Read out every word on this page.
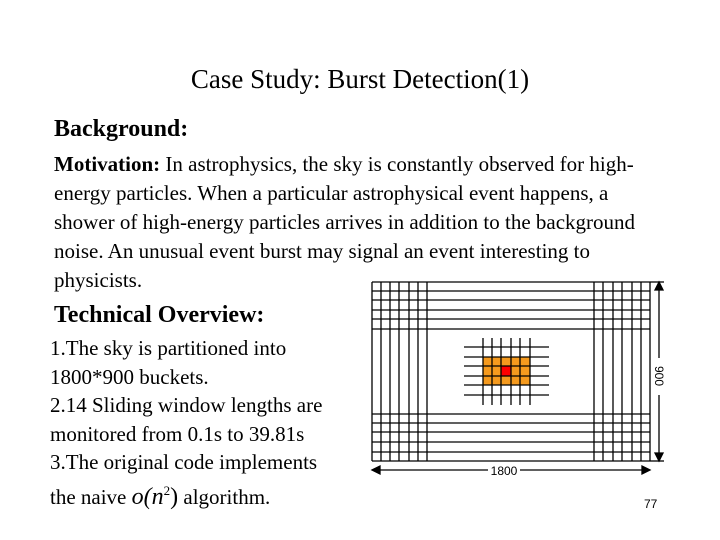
Case Study: Burst Detection(1)
Background:
Motivation: In astrophysics, the sky is constantly observed for high-energy particles. When a particular astrophysical event happens, a shower of high-energy particles arrives in addition to the background noise. An unusual event burst may signal an event interesting to physicists.
Technical Overview:
1.The sky is partitioned into
1800*900 buckets.
2.14 Sliding window lengths are
monitored from 0.1s to 39.81s
3.The original code implements
the naive $o(n^2)$ algorithm.
1800
900
77
